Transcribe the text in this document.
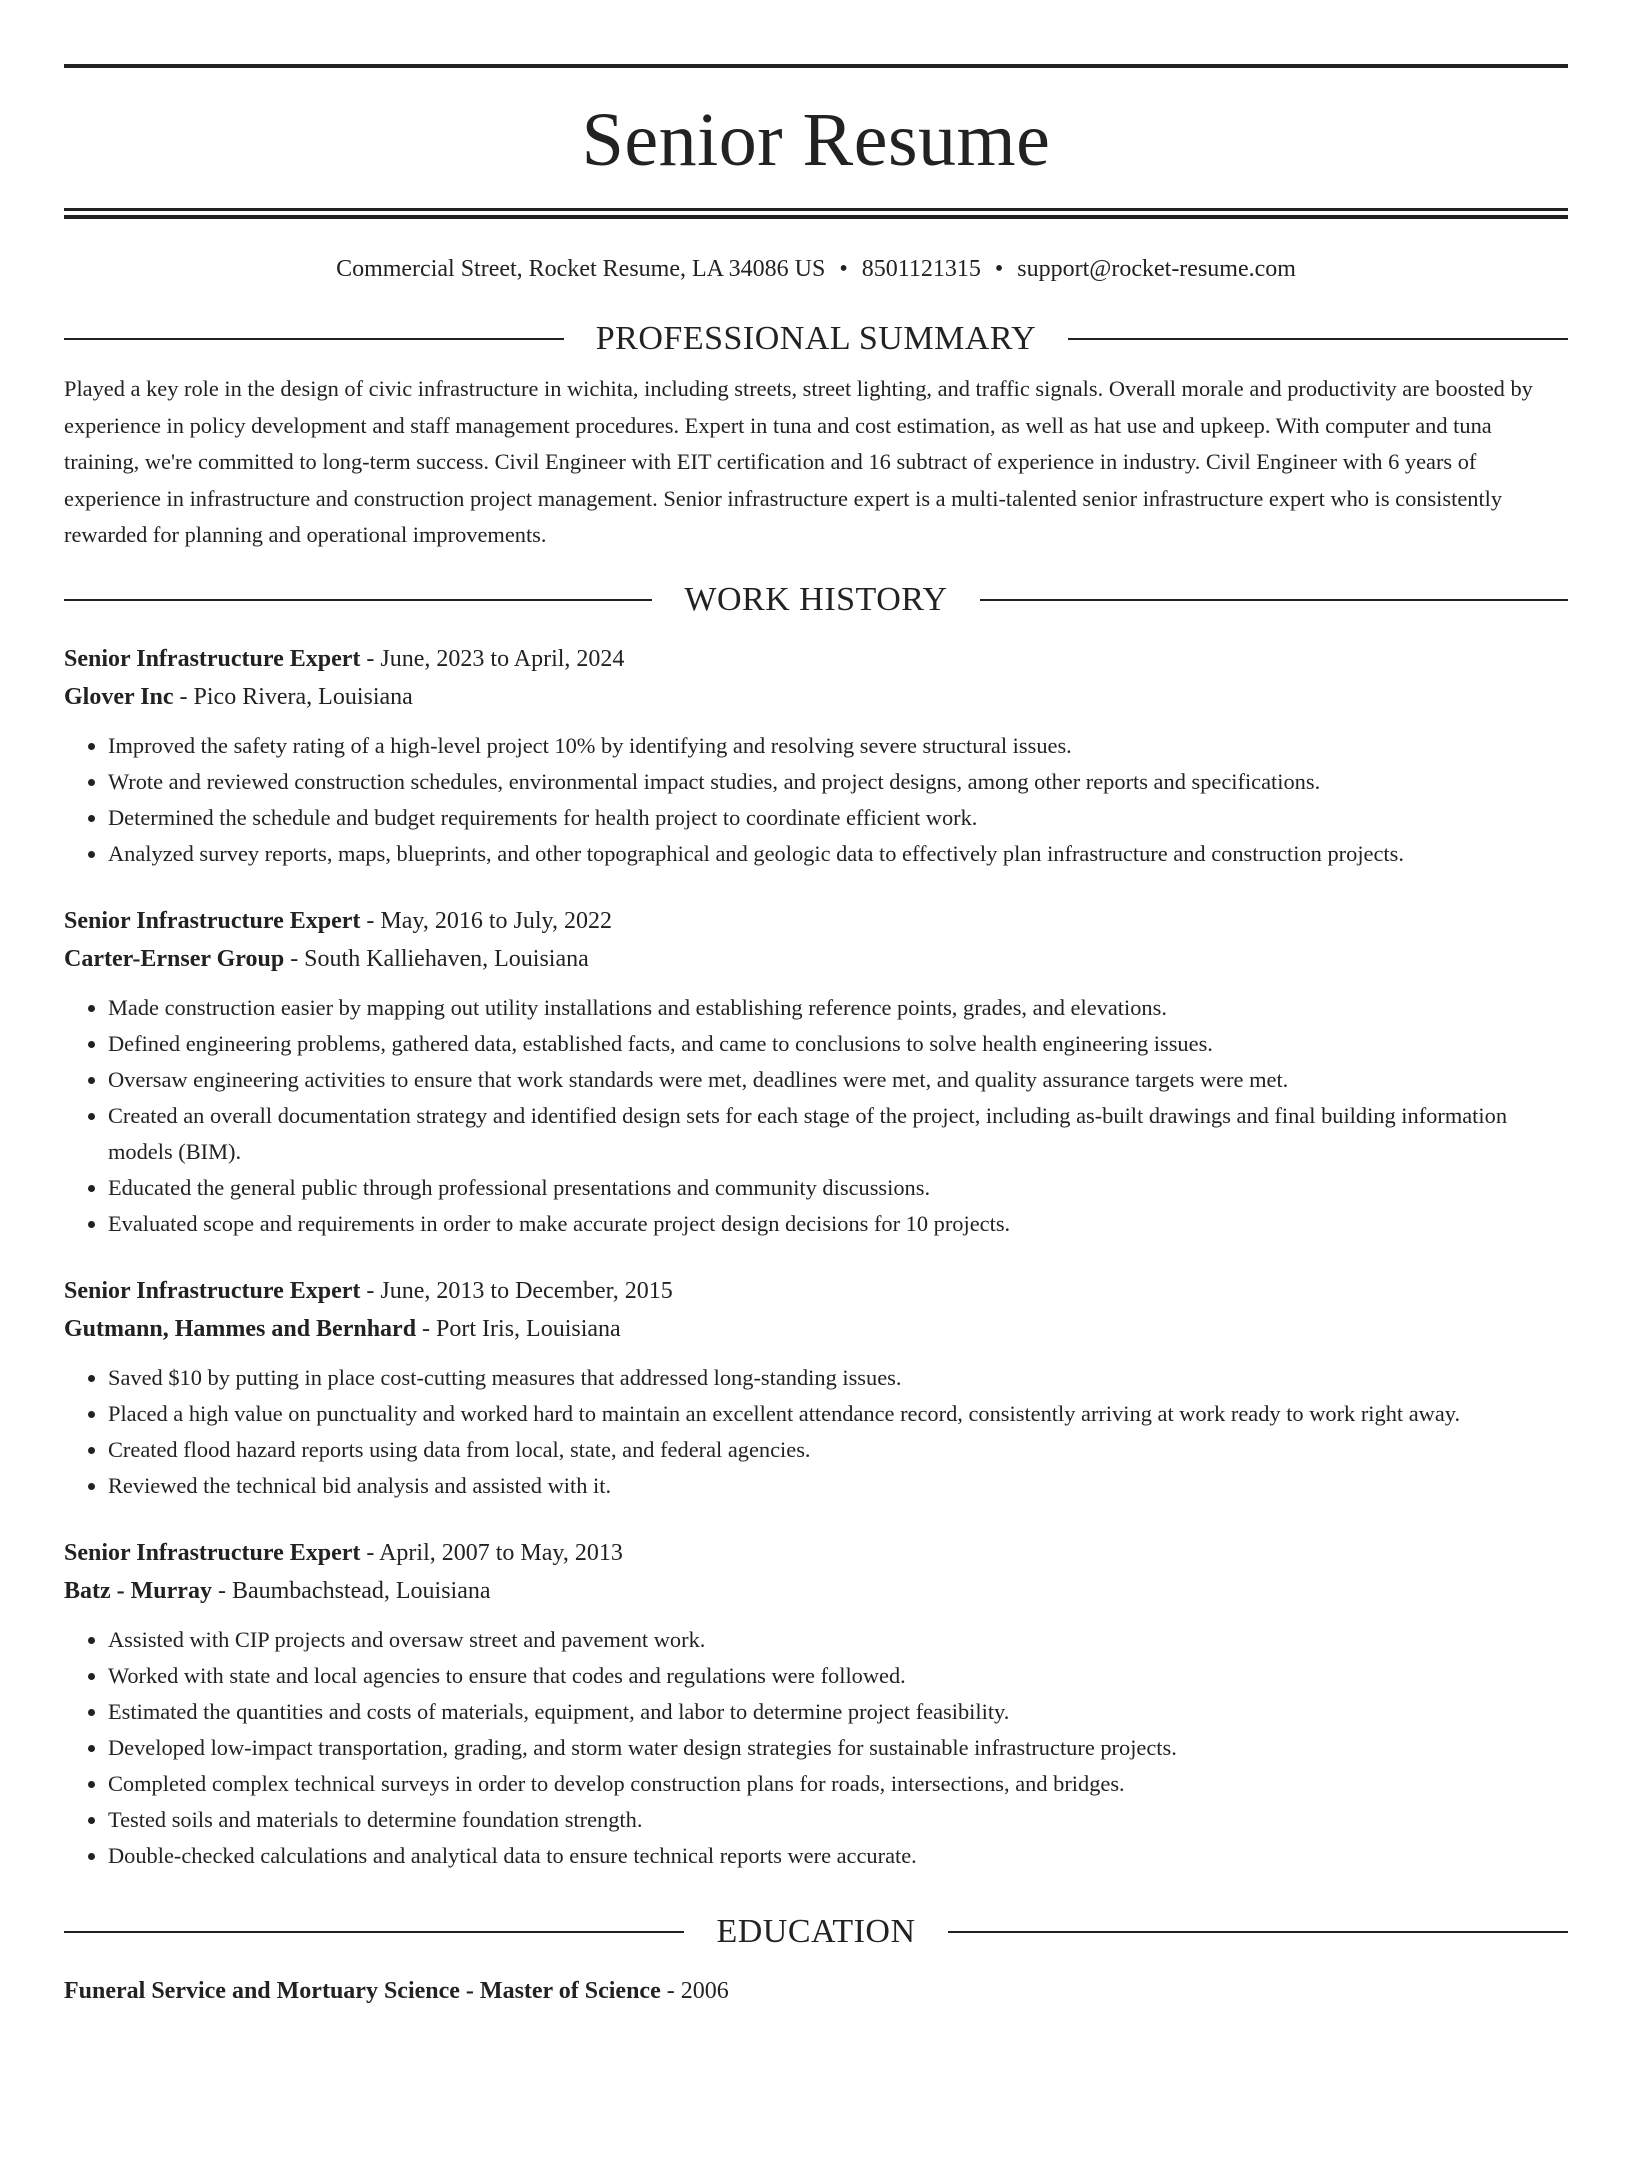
Senior Resume
Commercial Street, Rocket Resume, LA 34086 US • 8501121315 • support@rocket-resume.com
PROFESSIONAL SUMMARY
Played a key role in the design of civic infrastructure in wichita, including streets, street lighting, and traffic signals. Overall morale and productivity are boosted by experience in policy development and staff management procedures. Expert in tuna and cost estimation, as well as hat use and upkeep. With computer and tuna training, we're committed to long-term success. Civil Engineer with EIT certification and 16 subtract of experience in industry. Civil Engineer with 6 years of experience in infrastructure and construction project management. Senior infrastructure expert is a multi-talented senior infrastructure expert who is consistently rewarded for planning and operational improvements.
WORK HISTORY
Senior Infrastructure Expert - June, 2023 to April, 2024
Glover Inc - Pico Rivera, Louisiana
• Improved the safety rating of a high-level project 10% by identifying and resolving severe structural issues.
• Wrote and reviewed construction schedules, environmental impact studies, and project designs, among other reports and specifications.
• Determined the schedule and budget requirements for health project to coordinate efficient work.
• Analyzed survey reports, maps, blueprints, and other topographical and geologic data to effectively plan infrastructure and construction projects.
Senior Infrastructure Expert - May, 2016 to July, 2022
Carter-Ernser Group - South Kalliehaven, Louisiana
• Made construction easier by mapping out utility installations and establishing reference points, grades, and elevations.
• Defined engineering problems, gathered data, established facts, and came to conclusions to solve health engineering issues.
• Oversaw engineering activities to ensure that work standards were met, deadlines were met, and quality assurance targets were met.
• Created an overall documentation strategy and identified design sets for each stage of the project, including as-built drawings and final building information models (BIM).
• Educated the general public through professional presentations and community discussions.
• Evaluated scope and requirements in order to make accurate project design decisions for 10 projects.
Senior Infrastructure Expert - June, 2013 to December, 2015
Gutmann, Hammes and Bernhard - Port Iris, Louisiana
• Saved $10 by putting in place cost-cutting measures that addressed long-standing issues.
• Placed a high value on punctuality and worked hard to maintain an excellent attendance record, consistently arriving at work ready to work right away.
• Created flood hazard reports using data from local, state, and federal agencies.
• Reviewed the technical bid analysis and assisted with it.
Senior Infrastructure Expert - April, 2007 to May, 2013
Batz - Murray - Baumbachstead, Louisiana
• Assisted with CIP projects and oversaw street and pavement work.
• Worked with state and local agencies to ensure that codes and regulations were followed.
• Estimated the quantities and costs of materials, equipment, and labor to determine project feasibility.
• Developed low-impact transportation, grading, and storm water design strategies for sustainable infrastructure projects.
• Completed complex technical surveys in order to develop construction plans for roads, intersections, and bridges.
• Tested soils and materials to determine foundation strength.
• Double-checked calculations and analytical data to ensure technical reports were accurate.
EDUCATION
Funeral Service and Mortuary Science - Master of Science - 2006
